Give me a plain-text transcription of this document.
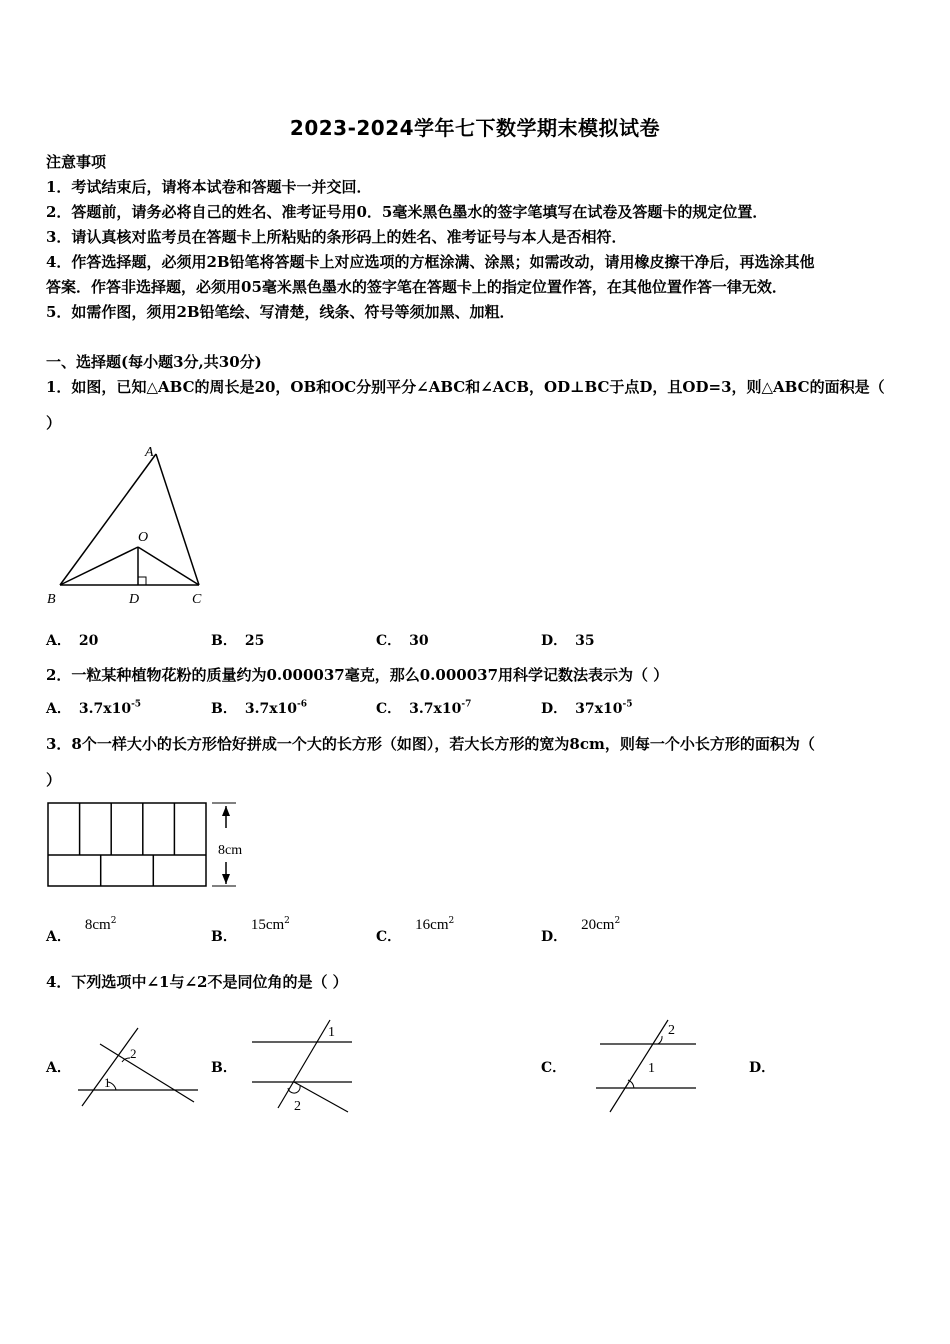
2023-2024学年七下数学期末模拟试卷
注意事项
1．考试结束后，请将本试卷和答题卡一并交回．
2．答题前，请务必将自己的姓名、准考证号用0．5毫米黑色墨水的签字笔填写在试卷及答题卡的规定位置．
3．请认真核对监考员在答题卡上所粘贴的条形码上的姓名、准考证号与本人是否相符．
4．作答选择题，必须用2B铅笔将答题卡上对应选项的方框涂满、涂黑；如需改动，请用橡皮擦干净后，再选涂其他
答案．作答非选择题，必须用05毫米黑色墨水的签字笔在答题卡上的指定位置作答，在其他位置作答一律无效．
5．如需作图，须用2B铅笔绘、写清楚，线条、符号等须加黑、加粗．
一、选择题(每小题3分,共30分)
1．如图，已知△ABC的周长是20，OB和OC分别平分∠ABC和∠ACB，OD⊥BC于点D，且OD=3，则△ABC的面积是（
）
A
O
B	D	C
A． 20	B． 25	C． 30	D． 35
2．一粒某种植物花粉的质量约为0.000037毫克，那么0.000037用科学记数法表示为（ ）
A． $3.7x10^{-5}$	B． $3.7x10^{-6}$	C． $3.7x10^{-7}$	D． $37x10^{-5}$
3．8个一样大小的长方形恰好拼成一个大的长方形（如图），若大长方形的宽为8cm，则每一个小长方形的面积为（
）
8cm
A．$8cm^2$
B．$15cm^2$
C．$16cm^2$
D．$20cm^2$
4．下列选项中∠1与∠2不是同位角的是（ ）
A．
1
2
B．
1
2
C．
2
1	D．
